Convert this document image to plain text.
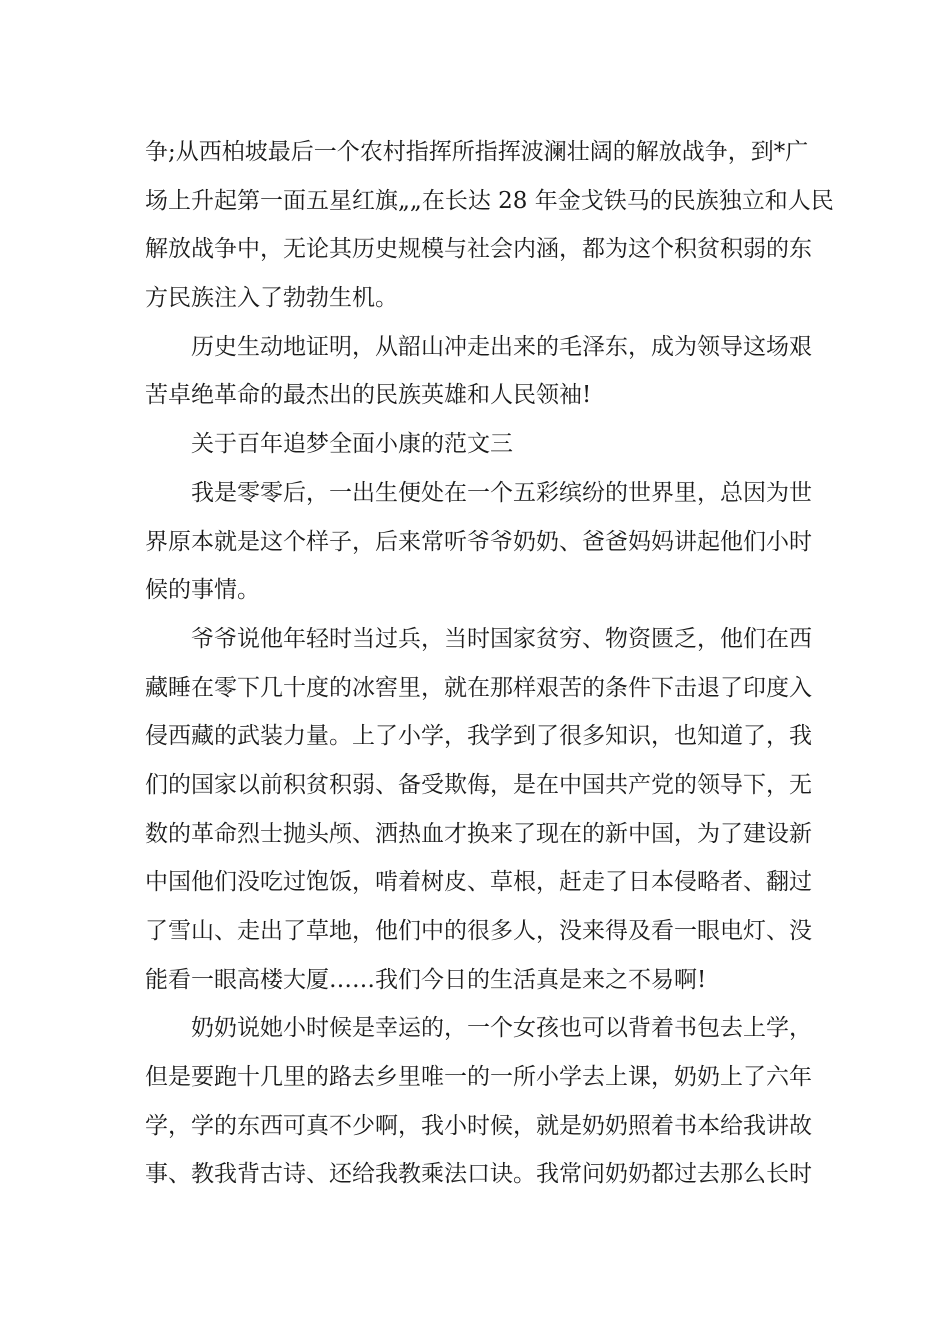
争;从西柏坡最后一个农村指挥所指挥波澜壮阔的解放战争，到*广
场上升起第一面五星红旗„„在长达 28 年金戈铁马的民族独立和人民
解放战争中，无论其历史规模与社会内涵，都为这个积贫积弱的东
方民族注入了勃勃生机。
历史生动地证明，从韶山冲走出来的毛泽东，成为领导这场艰
苦卓绝革命的最杰出的民族英雄和人民领袖!
关于百年追梦全面小康的范文三
我是零零后，一出生便处在一个五彩缤纷的世界里，总因为世
界原本就是这个样子，后来常听爷爷奶奶、爸爸妈妈讲起他们小时
候的事情。
爷爷说他年轻时当过兵，当时国家贫穷、物资匮乏，他们在西
藏睡在零下几十度的冰窖里，就在那样艰苦的条件下击退了印度入
侵西藏的武装力量。上了小学，我学到了很多知识，也知道了，我
们的国家以前积贫积弱、备受欺侮，是在中国共产党的领导下，无
数的革命烈士抛头颅、洒热血才换来了现在的新中国，为了建设新
中国他们没吃过饱饭，啃着树皮、草根，赶走了日本侵略者、翻过
了雪山、走出了草地，他们中的很多人，没来得及看一眼电灯、没
能看一眼高楼大厦……我们今日的生活真是来之不易啊!
奶奶说她小时候是幸运的，一个女孩也可以背着书包去上学，
但是要跑十几里的路去乡里唯一的一所小学去上课，奶奶上了六年
学，学的东西可真不少啊，我小时候，就是奶奶照着书本给我讲故
事、教我背古诗、还给我教乘法口诀。我常问奶奶都过去那么长时
